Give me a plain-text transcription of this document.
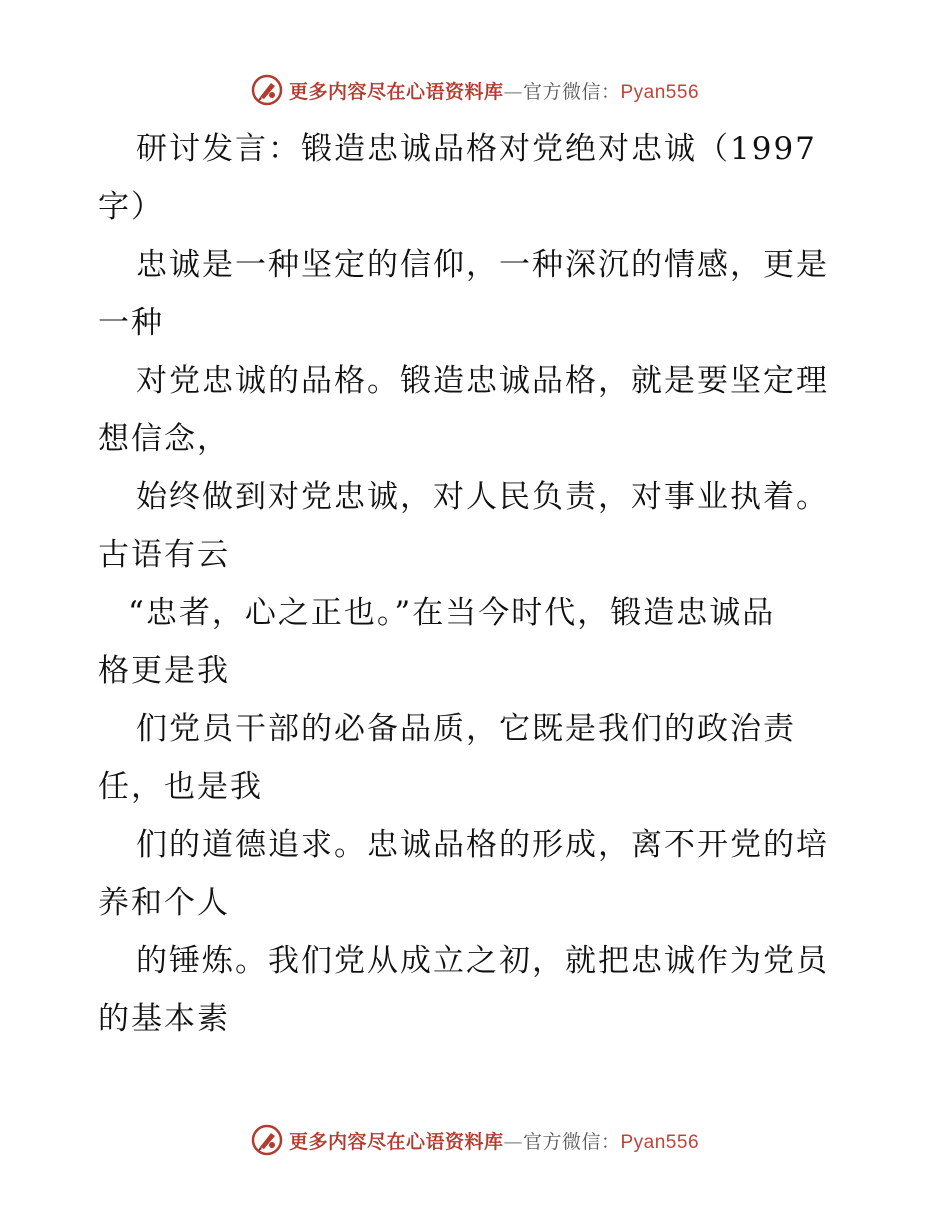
更多内容尽在心语资料库—官方微信：Pyan556
研讨发言：锻造忠诚品格对党绝对忠诚（1997
字）
忠诚是一种坚定的信仰，一种深沉的情感，更是
一种
对党忠诚的品格。锻造忠诚品格，就是要坚定理
想信念，
始终做到对党忠诚，对人民负责，对事业执着。
古语有云
“忠者，心之正也。”在当今时代，锻造忠诚品
格更是我
们党员干部的必备品质，它既是我们的政治责
任，也是我
们的道德追求。忠诚品格的形成，离不开党的培
养和个人
的锤炼。我们党从成立之初，就把忠诚作为党员
的基本素
更多内容尽在心语资料库—官方微信：Pyan556
